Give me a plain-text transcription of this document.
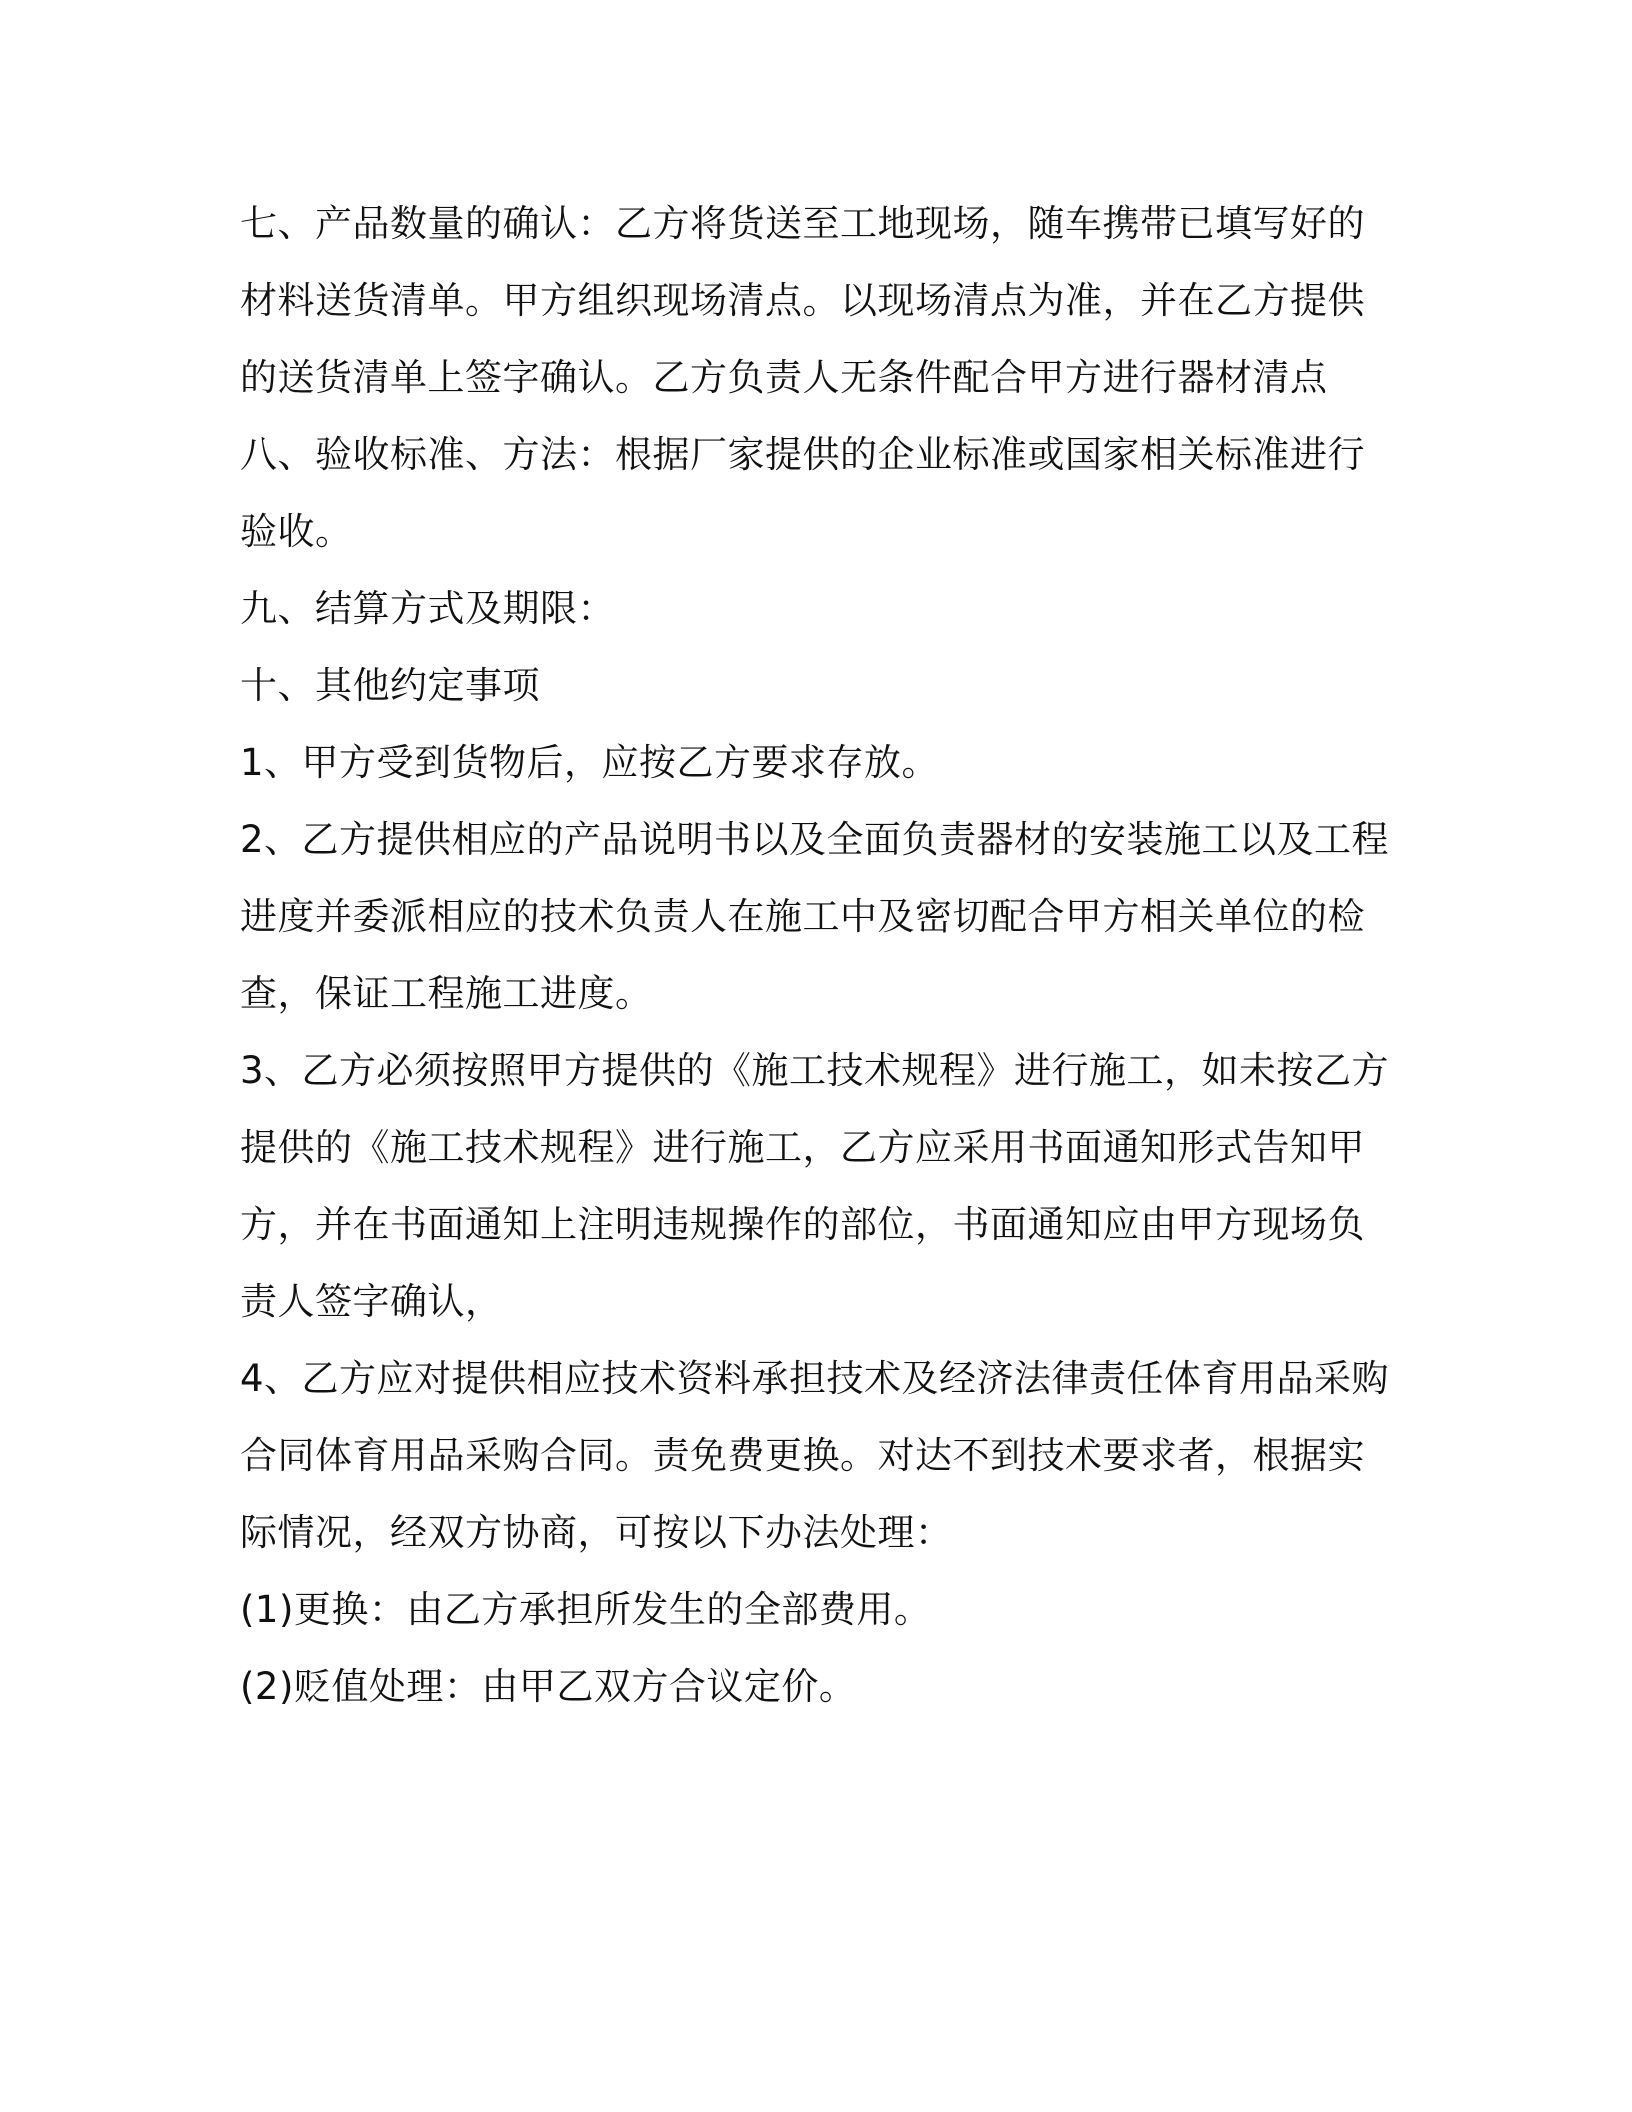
七、产品数量的确认：乙方将货送至工地现场，随车携带已填写好的材料送货清单。甲方组织现场清点。以现场清点为准，并在乙方提供的送货清单上签字确认。乙方负责人无条件配合甲方进行器材清点

八、验收标准、方法：根据厂家提供的企业标准或国家相关标准进行验收。

九、结算方式及期限：

十、其他约定事项

1、甲方受到货物后，应按乙方要求存放。

2、乙方提供相应的产品说明书以及全面负责器材的安装施工以及工程进度并委派相应的技术负责人在施工中及密切配合甲方相关单位的检查，保证工程施工进度。

3、乙方必须按照甲方提供的《施工技术规程》进行施工，如未按乙方提供的《施工技术规程》进行施工，乙方应采用书面通知形式告知甲方，并在书面通知上注明违规操作的部位，书面通知应由甲方现场负责人签字确认，

4、乙方应对提供相应技术资料承担技术及经济法律责任体育用品采购合同体育用品采购合同。责免费更换。对达不到技术要求者，根据实际情况，经双方协商，可按以下办法处理：

(1)更换：由乙方承担所发生的全部费用。

(2)贬值处理：由甲乙双方合议定价。
